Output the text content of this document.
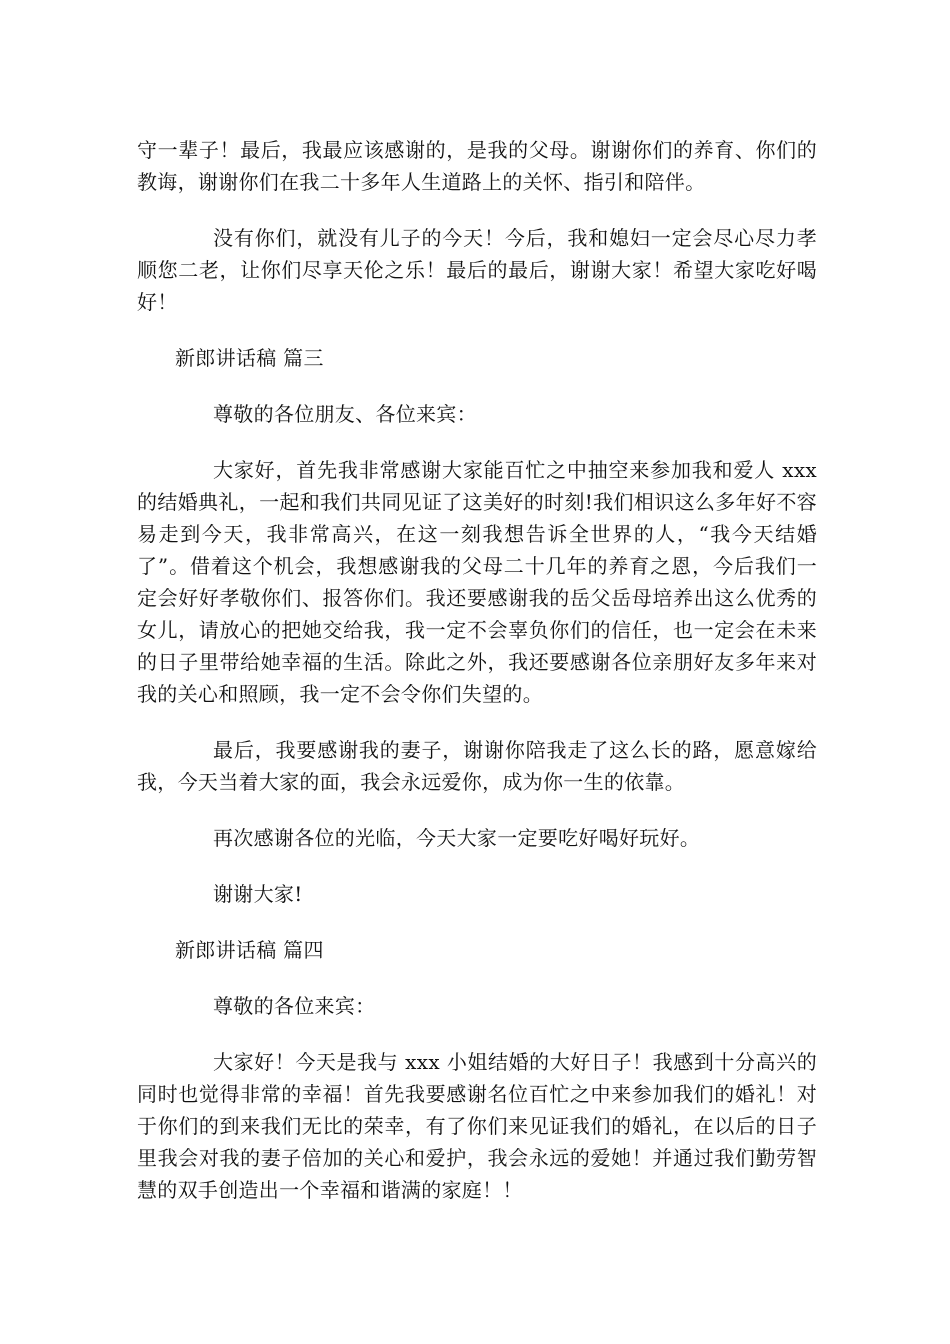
守一辈子！最后，我最应该感谢的，是我的父母。谢谢你们的养育、你们的教诲，谢谢你们在我二十多年人生道路上的关怀、指引和陪伴。

没有你们，就没有儿子的今天！今后，我和媳妇一定会尽心尽力孝顺您二老，让你们尽享天伦之乐！最后的最后，谢谢大家！希望大家吃好喝好！

新郎讲话稿 篇三

尊敬的各位朋友、各位来宾：

大家好，首先我非常感谢大家能百忙之中抽空来参加我和爱人 xxx 的结婚典礼，一起和我们共同见证了这美好的时刻!我们相识这么多年好不容易走到今天，我非常高兴，在这一刻我想告诉全世界的人，“我今天结婚了”。借着这个机会，我想感谢我的父母二十几年的养育之恩，今后我们一定会好好孝敬你们、报答你们。我还要感谢我的岳父岳母培养出这么优秀的女儿，请放心的把她交给我，我一定不会辜负你们的信任，也一定会在未来的日子里带给她幸福的生活。除此之外，我还要感谢各位亲朋好友多年来对我的关心和照顾，我一定不会令你们失望的。

最后，我要感谢我的妻子，谢谢你陪我走了这么长的路，愿意嫁给我，今天当着大家的面，我会永远爱你，成为你一生的依靠。

再次感谢各位的光临，今天大家一定要吃好喝好玩好。

谢谢大家!

新郎讲话稿 篇四

尊敬的各位来宾：

大家好！今天是我与 xxx 小姐结婚的大好日子！我感到十分高兴的同时也觉得非常的幸福！首先我要感谢名位百忙之中来参加我们的婚礼！对于你们的到来我们无比的荣幸，有了你们来见证我们的婚礼，在以后的日子里我会对我的妻子倍加的关心和爱护，我会永远的爱她！并通过我们勤劳智慧的双手创造出一个幸福和谐满的家庭！！
